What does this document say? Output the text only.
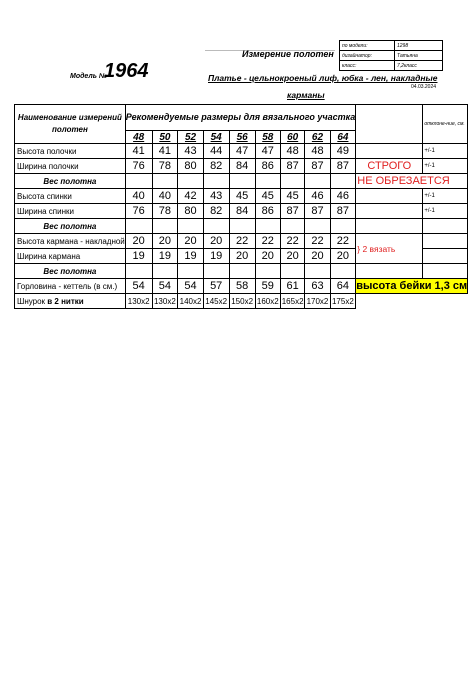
по модели:	1298
дизайнатор:	Татьяна
класс:	7,2класс
Измерение полотен
Модель №
1964	Платье - цельнокроеный лиф, юбка - лен, накладные
карманы
04.03.2024
Наименование измерений полотен	Рекомендуемые размеры для вязального участка										отклоне-ние, см.
	48	50	52	54	56	58	60	62	64		
Высота полочки	41	41	43	44	47	47	48	48	49		+/-1
Ширина полочки	76	78	80	82	84	86	87	87	87	СТРОГО	+/-1
Вес полотна										НЕ ОБРЕЗАЕТСЯ	
Высота спинки	40	40	42	43	45	45	45	46	46		+/-1
Ширина спинки	76	78	80	82	84	86	87	87	87		+/-1
Вес полотна											
Высота кармана - накладной	20	20	20	20	22	22	22	22	22	} 2 вязать	
Ширина кармана	19	19	19	19	20	20	20	20	20		
Вес полотна											
Горловина - кеттель (в см.)	54	54	54	57	58	59	61	63	64	высота бейки 1,3 см	
Шнурок в 2 нитки	130х2	130х2	140х2	145х2	150х2	160х2	165х2	170х2	175х2		
